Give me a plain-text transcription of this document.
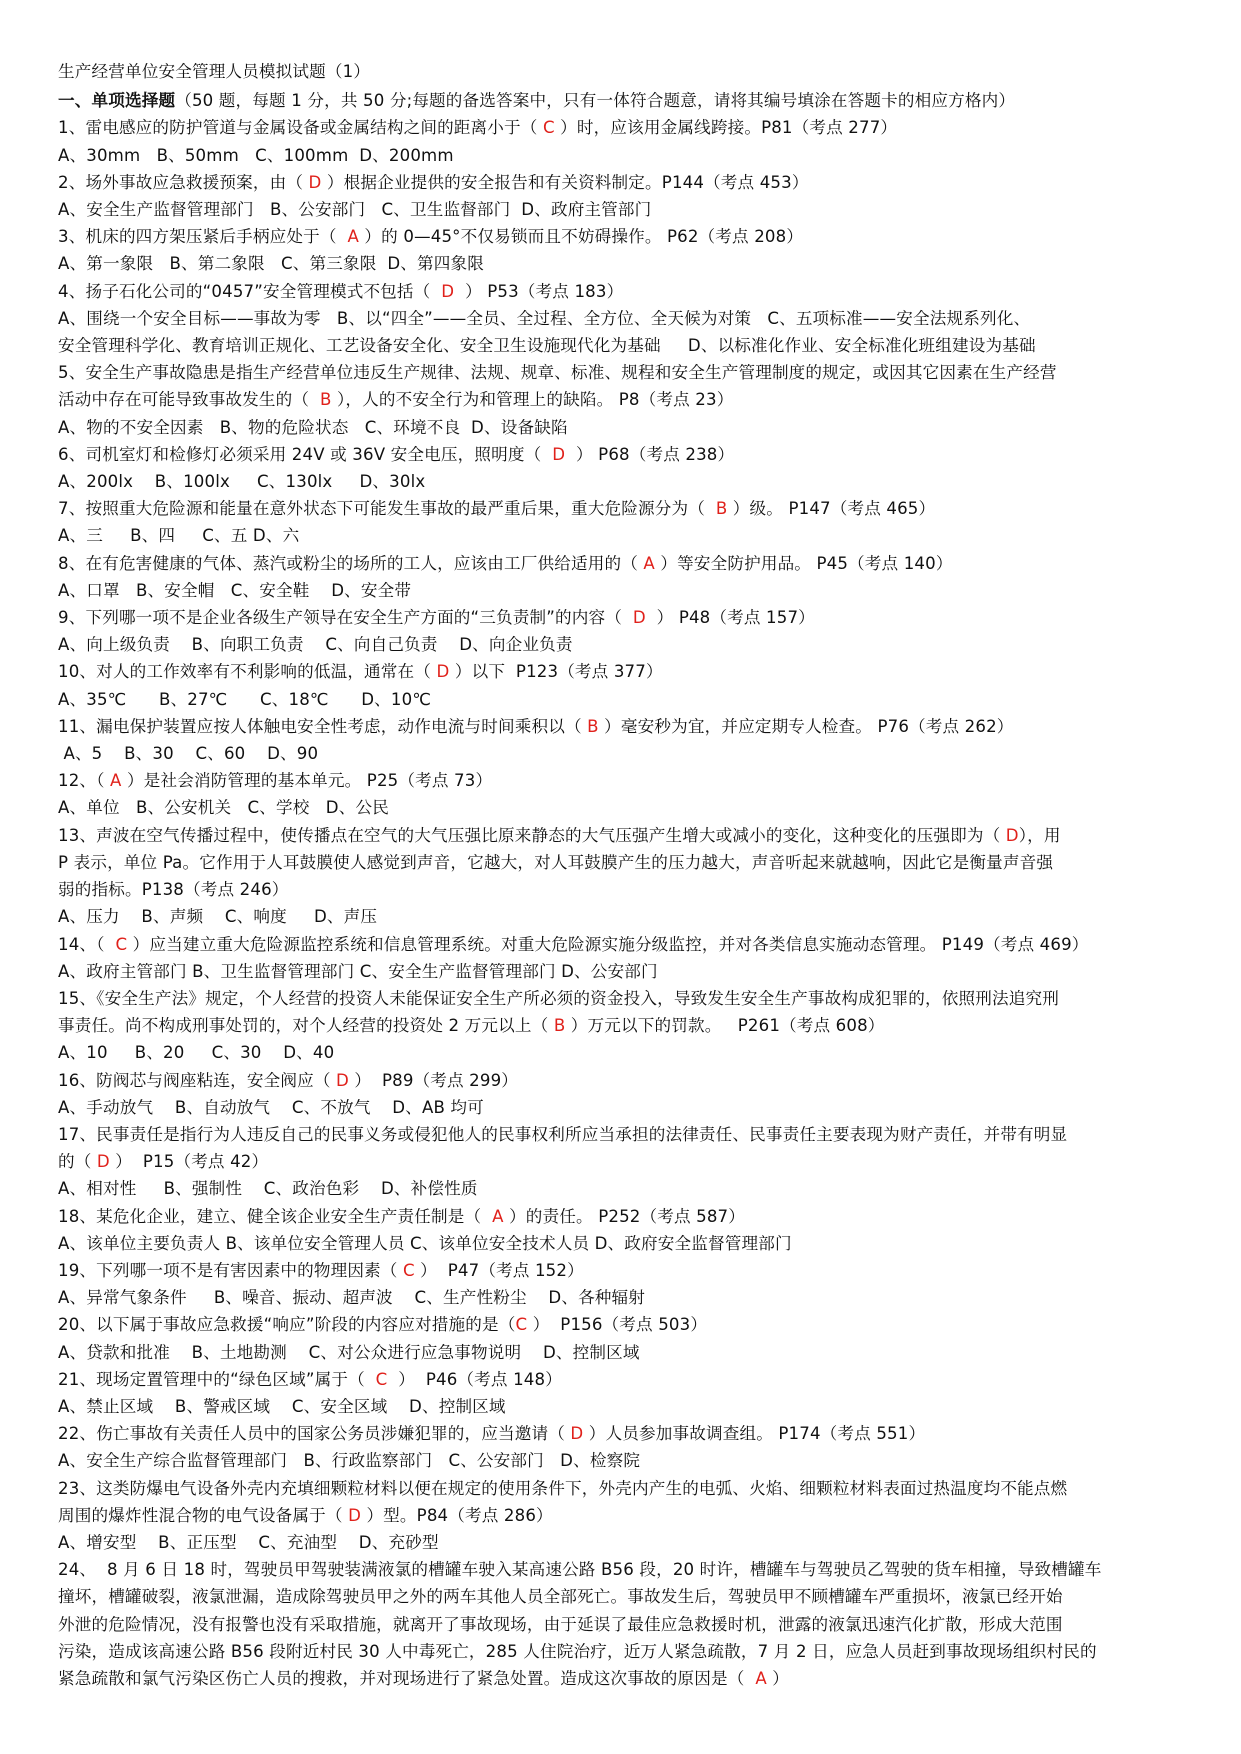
生产经营单位安全管理人员模拟试题（1）
一、单项选择题（50 题，每题 1 分，共 50 分;每题的备选答案中，只有一体符合题意，请将其编号填涂在答题卡的相应方格内）
1、雷电感应的防护管道与金属设备或金属结构之间的距离小于（ C ）时，应该用金属线跨接。P81（考点 277）
A、30mm   B、50mm   C、100mm  D、200mm
2、场外事故应急救援预案，由（ D ）根据企业提供的安全报告和有关资料制定。P144（考点 453）
A、安全生产监督管理部门   B、公安部门   C、卫生监督部门  D、政府主管部门
3、机床的四方架压紧后手柄应处于（  A ）的 0—45°不仅易锁而且不妨碍操作。 P62（考点 208）
A、第一象限   B、第二象限   C、第三象限  D、第四象限
4、扬子石化公司的“0457”安全管理模式不包括（  D  ） P53（考点 183）
A、围绕一个安全目标——事故为零   B、以“四全”——全员、全过程、全方位、全天候为对策   C、五项标准——安全法规系列化、
安全管理科学化、教育培训正规化、工艺设备安全化、安全卫生设施现代化为基础     D、以标准化作业、安全标准化班组建设为基础
5、安全生产事故隐患是指生产经营单位违反生产规律、法规、规章、标准、规程和安全生产管理制度的规定，或因其它因素在生产经营
活动中存在可能导致事故发生的（  B ），人的不安全行为和管理上的缺陷。 P8（考点 23）
A、物的不安全因素   B、物的危险状态   C、环境不良  D、设备缺陷
6、司机室灯和检修灯必须采用 24V 或 36V 安全电压，照明度（  D  ） P68（考点 238）
A、200lx    B、100lx     C、130lx     D、30lx
7、按照重大危险源和能量在意外状态下可能发生事故的最严重后果，重大危险源分为（  B ）级。 P147（考点 465）
A、三     B、四     C、五 D、六
8、在有危害健康的气体、蒸汽或粉尘的场所的工人，应该由工厂供给适用的（ A ）等安全防护用品。 P45（考点 140）
A、口罩   B、安全帽   C、安全鞋    D、安全带
9、下列哪一项不是企业各级生产领导在安全生产方面的“三负责制”的内容（  D  ） P48（考点 157）
A、向上级负责    B、向职工负责    C、向自己负责    D、向企业负责
10、对人的工作效率有不利影响的低温，通常在（ D ）以下  P123（考点 377）
A、35℃      B、27℃      C、18℃      D、10℃
11、漏电保护装置应按人体触电安全性考虑，动作电流与时间乘积以（ B ）毫安秒为宜，并应定期专人检查。 P76（考点 262）
A、5    B、30    C、60    D、90
12、（ A ）是社会消防管理的基本单元。 P25（考点 73）
A、单位   B、公安机关   C、学校   D、公民
13、声波在空气传播过程中，使传播点在空气的大气压强比原来静态的大气压强产生增大或减小的变化，这种变化的压强即为（ D），用
P 表示，单位 Pa。它作用于人耳鼓膜使人感觉到声音，它越大，对人耳鼓膜产生的压力越大，声音听起来就越响，因此它是衡量声音强
弱的指标。P138（考点 246）
A、压力    B、声频    C、响度     D、声压
14、（  C ）应当建立重大危险源监控系统和信息管理系统。对重大危险源实施分级监控，并对各类信息实施动态管理。 P149（考点 469）
A、政府主管部门 B、卫生监督管理部门 C、安全生产监督管理部门 D、公安部门
15、《安全生产法》规定，个人经营的投资人未能保证安全生产所必须的资金投入，导致发生安全生产事故构成犯罪的，依照刑法追究刑
事责任。尚不构成刑事处罚的，对个人经营的投资处 2 万元以上（ B ）万元以下的罚款。   P261（考点 608）
A、10     B、20     C、30    D、40
16、防阀芯与阀座粘连，安全阀应（ D ）  P89（考点 299）
A、手动放气    B、自动放气    C、不放气    D、AB 均可
17、民事责任是指行为人违反自己的民事义务或侵犯他人的民事权利所应当承担的法律责任、民事责任主要表现为财产责任，并带有明显
的（ D ）  P15（考点 42）
A、相对性     B、强制性    C、政治色彩    D、补偿性质
18、某危化企业，建立、健全该企业安全生产责任制是（  A ）的责任。 P252（考点 587）
A、该单位主要负责人 B、该单位安全管理人员 C、该单位安全技术人员 D、政府安全监督管理部门
19、下列哪一项不是有害因素中的物理因素（ C ）  P47（考点 152）
A、异常气象条件     B、噪音、振动、超声波    C、生产性粉尘    D、各种辐射
20、以下属于事故应急救援“响应”阶段的内容应对措施的是（C ）  P156（考点 503）
A、贷款和批准    B、土地勘测    C、对公众进行应急事物说明    D、控制区域
21、现场定置管理中的“绿色区域”属于（  C  ）  P46（考点 148）
A、禁止区域    B、警戒区域    C、安全区域    D、控制区域
22、伤亡事故有关责任人员中的国家公务员涉嫌犯罪的，应当邀请（ D ）人员参加事故调查组。 P174（考点 551）
A、安全生产综合监督管理部门   B、行政监察部门   C、公安部门   D、检察院
23、这类防爆电气设备外壳内充填细颗粒材料以便在规定的使用条件下，外壳内产生的电弧、火焰、细颗粒材料表面过热温度均不能点燃
周围的爆炸性混合物的电气设备属于（ D ）型。P84（考点 286）
A、增安型    B、正压型    C、充油型    D、充砂型
24、  8 月 6 日 18 时，驾驶员甲驾驶装满液氯的槽罐车驶入某高速公路 B56 段，20 时许，槽罐车与驾驶员乙驾驶的货车相撞，导致槽罐车
撞坏，槽罐破裂，液氯泄漏，造成除驾驶员甲之外的两车其他人员全部死亡。事故发生后，驾驶员甲不顾槽罐车严重损坏，液氯已经开始
外泄的危险情况，没有报警也没有采取措施，就离开了事故现场，由于延误了最佳应急救援时机，泄露的液氯迅速汽化扩散，形成大范围
污染，造成该高速公路 B56 段附近村民 30 人中毒死亡，285 人住院治疗，近万人紧急疏散，7 月 2 日，应急人员赶到事故现场组织村民的
紧急疏散和氯气污染区伤亡人员的搜救，并对现场进行了紧急处置。造成这次事故的原因是（  A ）
